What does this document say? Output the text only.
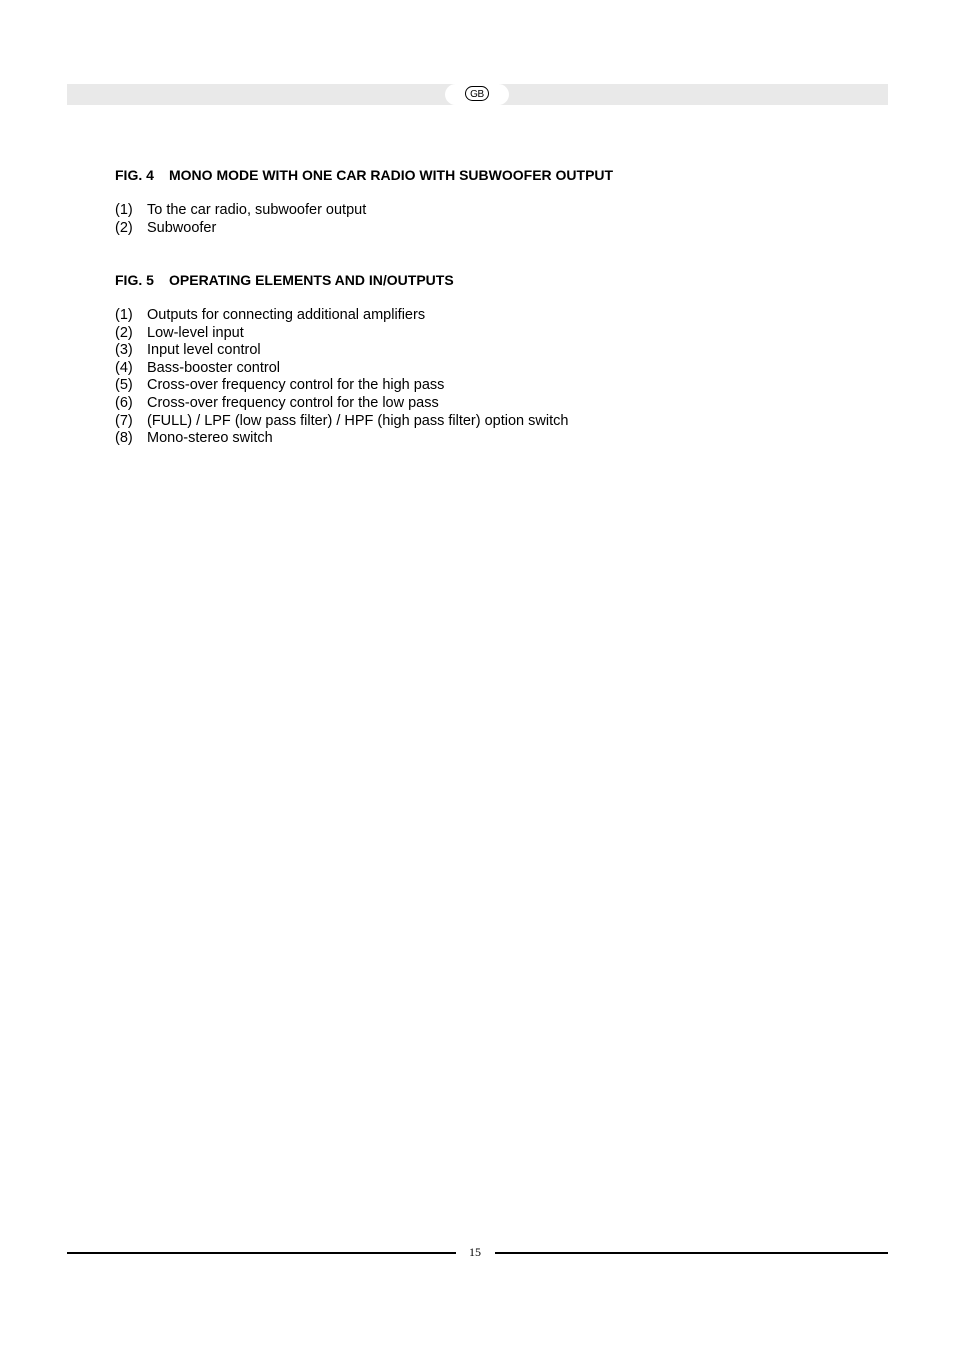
GB
FIG. 4 MONO MODE WITH ONE CAR RADIO WITH SUBWOOFER OUTPUT
(1) To the car radio, subwoofer output
(2) Subwoofer
FIG. 5 OPERATING ELEMENTS AND IN/OUTPUTS
(1) Outputs for connecting additional amplifiers
(2) Low-level input
(3) Input level control
(4) Bass-booster control
(5) Cross-over frequency control for the high pass
(6) Cross-over frequency control for the low pass
(7) (FULL) / LPF (low pass filter) / HPF (high pass filter) option switch
(8) Mono-stereo switch
15
